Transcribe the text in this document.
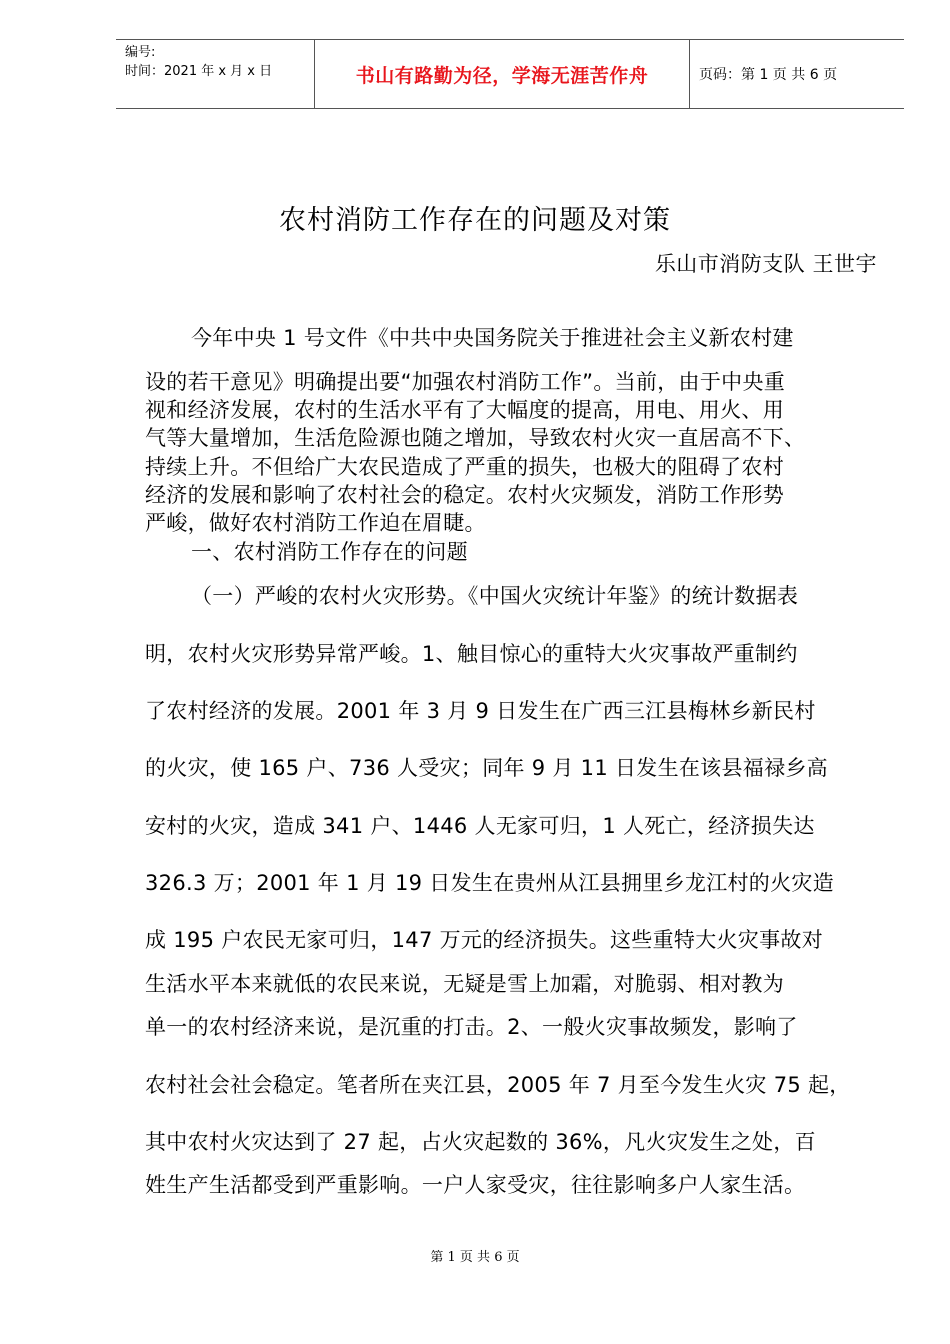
编号:
时间：2021 年 x 月 x 日	书山有路勤为径，学海无涯苦作舟	页码：第 1 页 共 6 页
农村消防工作存在的问题及对策
乐山市消防支队 王世宇
今年中央 1 号文件《中共中央国务院关于推进社会主义新农村建
设的若干意见》明确提出要“加强农村消防工作”。当前，由于中央重
视和经济发展，农村的生活水平有了大幅度的提高，用电、用火、用
气等大量增加，生活危险源也随之增加，导致农村火灾一直居高不下、
持续上升。不但给广大农民造成了严重的损失，也极大的阻碍了农村
经济的发展和影响了农村社会的稳定。农村火灾频发，消防工作形势
严峻，做好农村消防工作迫在眉睫。
一、农村消防工作存在的问题
（一）严峻的农村火灾形势。《中国火灾统计年鉴》的统计数据表
明，农村火灾形势异常严峻。1、触目惊心的重特大火灾事故严重制约
了农村经济的发展。2001 年 3 月 9 日发生在广西三江县梅林乡新民村
的火灾，使 165 户、736 人受灾；同年 9 月 11 日发生在该县福禄乡高
安村的火灾，造成 341 户、1446 人无家可归，1 人死亡，经济损失达
326.3 万；2001 年 1 月 19 日发生在贵州从江县拥里乡龙江村的火灾造
成 195 户农民无家可归，147 万元的经济损失。这些重特大火灾事故对
生活水平本来就低的农民来说，无疑是雪上加霜，对脆弱、相对教为
单一的农村经济来说，是沉重的打击。2、一般火灾事故频发，影响了
农村社会社会稳定。笔者所在夹江县，2005 年 7 月至今发生火灾 75 起，
其中农村火灾达到了 27 起，占火灾起数的 36%，凡火灾发生之处，百
姓生产生活都受到严重影响。一户人家受灾，往往影响多户人家生活。
第 1 页 共 6 页
